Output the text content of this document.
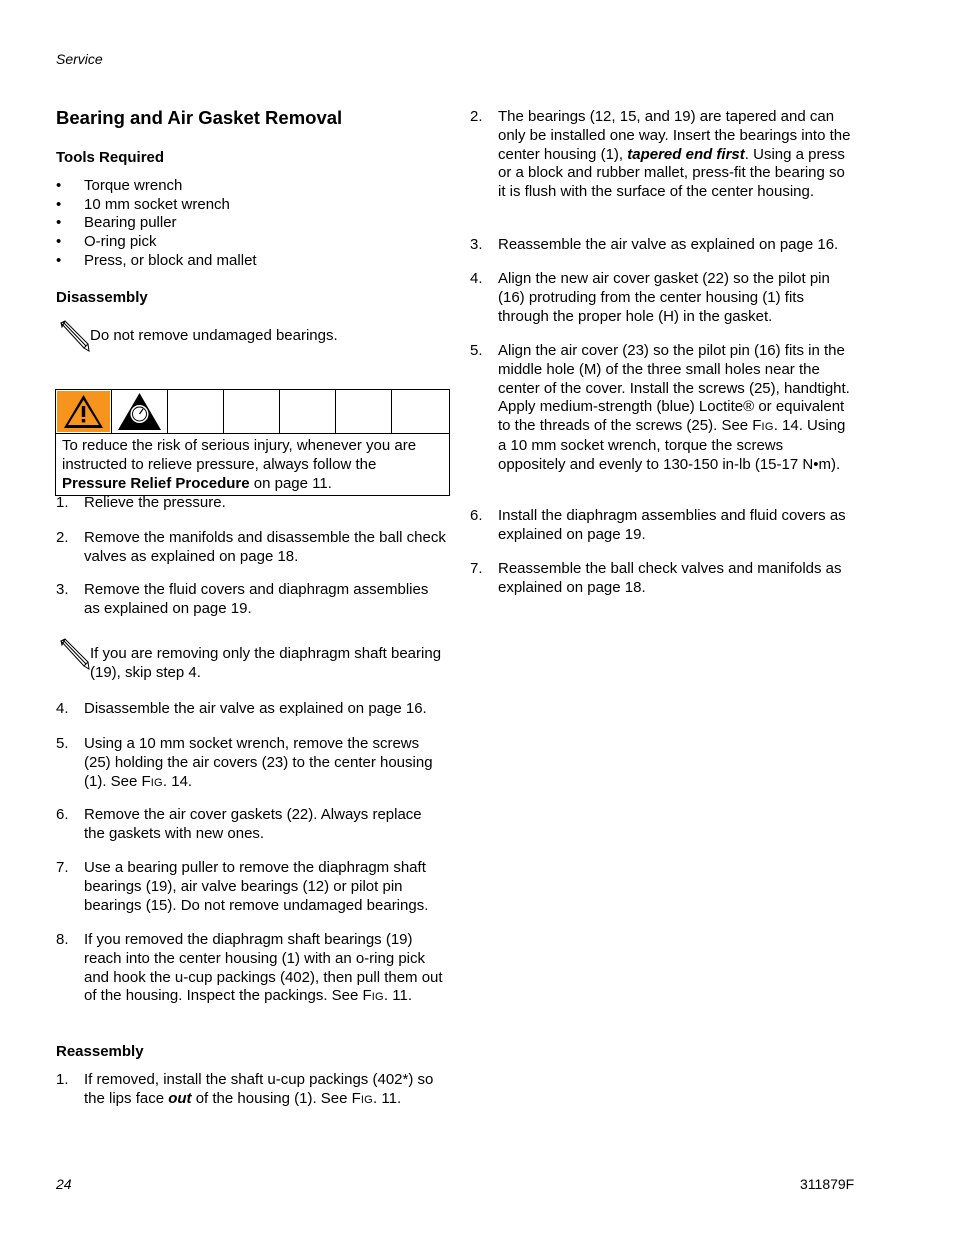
Service
Bearing and Air Gasket Removal
Tools Required
•	Torque wrench
•	10 mm socket wrench
•	Bearing puller
•	O-ring pick
•	Press, or block and mallet
Disassembly
Do not remove undamaged bearings.
To reduce the risk of serious injury, whenever you are instructed to relieve pressure, always follow the Pressure Relief Procedure on page 11.
1.	Relieve the pressure.
2.	Remove the manifolds and disassemble the ball check valves as explained on page 18.
3.	Remove the fluid covers and diaphragm assemblies as explained on page 19.
If you are removing only the diaphragm shaft bearing (19), skip step 4.
4.	Disassemble the air valve as explained on page 16.
5.	Using a 10 mm socket wrench, remove the screws (25) holding the air covers (23) to the center housing (1). See FIG. 14.
6.	Remove the air cover gaskets (22). Always replace the gaskets with new ones.
7.	Use a bearing puller to remove the diaphragm shaft bearings (19), air valve bearings (12) or pilot pin bearings (15). Do not remove undamaged bearings.
8.	If you removed the diaphragm shaft bearings (19) reach into the center housing (1) with an o-ring pick and hook the u-cup packings (402), then pull them out of the housing. Inspect the packings. See FIG. 11.
Reassembly
1.	If removed, install the shaft u-cup packings (402*) so the lips face out of the housing (1). See FIG. 11.
2.	The bearings (12, 15, and 19) are tapered and can only be installed one way. Insert the bearings into the center housing (1), tapered end first. Using a press or a block and rubber mallet, press-fit the bearing so it is flush with the surface of the center housing.
3.	Reassemble the air valve as explained on page 16.
4.	Align the new air cover gasket (22) so the pilot pin (16) protruding from the center housing (1) fits through the proper hole (H) in the gasket.
5.	Align the air cover (23) so the pilot pin (16) fits in the middle hole (M) of the three small holes near the center of the cover. Install the screws (25), handtight. Apply medium-strength (blue) Loctite® or equivalent to the threads of the screws (25). See FIG. 14. Using a 10 mm socket wrench, torque the screws oppositely and evenly to 130-150 in-lb (15-17 N•m).
6.	Install the diaphragm assemblies and fluid covers as explained on page 19.
7.	Reassemble the ball check valves and manifolds as explained on page 18.
24	311879F
